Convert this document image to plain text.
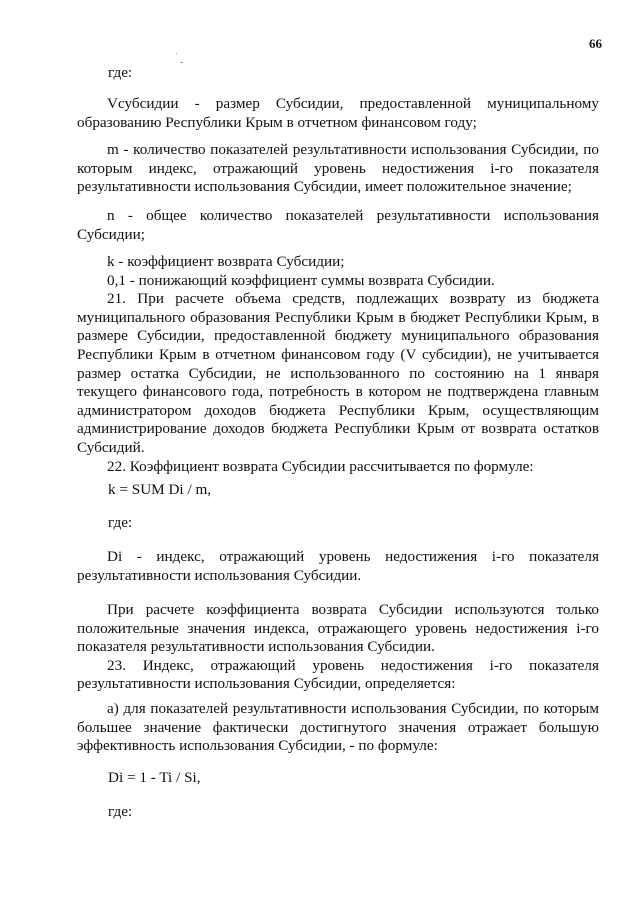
66
где:

Vсубсидии - размер Субсидии, предоставленной муниципальному образованию Республики Крым в отчетном финансовом году;

m - количество показателей результативности использования Субсидии, по которым индекс, отражающий уровень недостижения i-го показателя результативности использования Субсидии, имеет положительное значение;

n - общее количество показателей результативности использования Субсидии;

k - коэффициент возврата Субсидии;

0,1 - понижающий коэффициент суммы возврата Субсидии.

21. При расчете объема средств, подлежащих возврату из бюджета муниципального образования Республики Крым в бюджет Республики Крым, в размере Субсидии, предоставленной бюджету муниципального образования Республики Крым в отчетном финансовом году (V субсидии), не учитывается размер остатка Субсидии, не использованного по состоянию на 1 января текущего финансового года, потребность в котором не подтверждена главным администратором доходов бюджета Республики Крым, осуществляющим администрирование доходов бюджета Республики Крым от возврата остатков Субсидий.

22. Коэффициент возврата Субсидии рассчитывается по формуле:

k = SUM Di / m,
где:

Di - индекс, отражающий уровень недостижения i-го показателя результативности использования Субсидии.

При расчете коэффициента возврата Субсидии используются только положительные значения индекса, отражающего уровень недостижения i-го показателя результативности использования Субсидии.

23. Индекс, отражающий уровень недостижения i-го показателя результативности использования Субсидии, определяется:

а) для показателей результативности использования Субсидии, по которым большее значение фактически достигнутого значения отражает большую эффективность использования Субсидии, - по формуле:

Di = 1 - Ti / Si,
где:
